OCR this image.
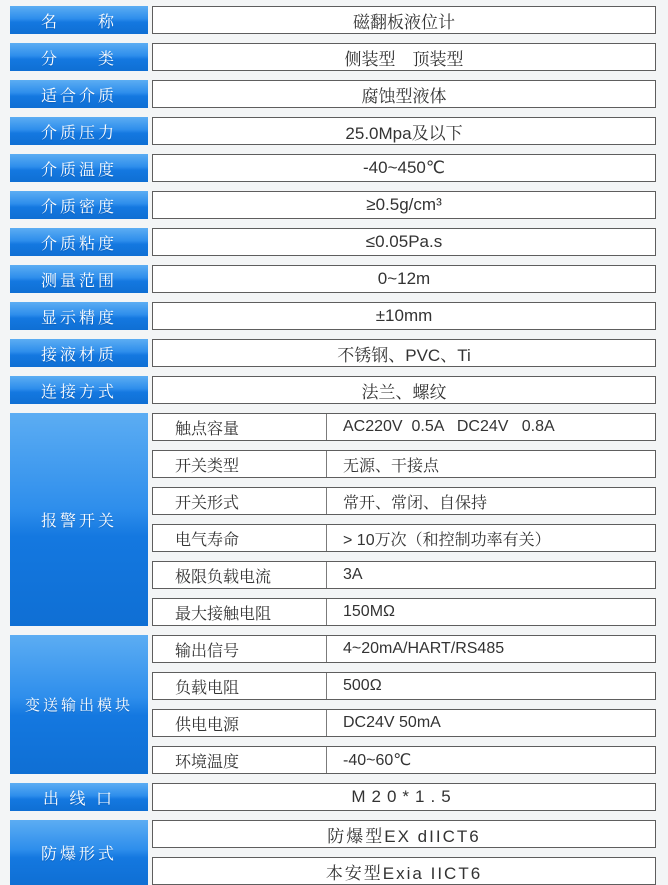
名　　称	磁翻板液位计
分　　类	侧装型　顶装型
适合介质	腐蚀型液体
介质压力	25.0Mpa及以下
介质温度	-40~450℃
介质密度	≥0.5g/cm³
介质粘度	≤0.05Pa.s
测量范围	0~12m
显示精度	±10mm
接液材质	不锈钢、PVC、Ti
连接方式	法兰、螺纹
报警开关
触点容量	AC220V  0.5A   DC24V   0.8A
开关类型	无源、干接点
开关形式	常开、常闭、自保持
电气寿命	> 10万次（和控制功率有关）
极限负载电流	3A
最大接触电阻	150MΩ
变送输出模块
输出信号	4~20mA/HART/RS485
负载电阻	500Ω
供电电源	DC24V 50mA
环境温度	-40~60℃
出 线 口	M20*1.5
防爆形式
防爆型EX dIICT6
本安型Exia IICT6
